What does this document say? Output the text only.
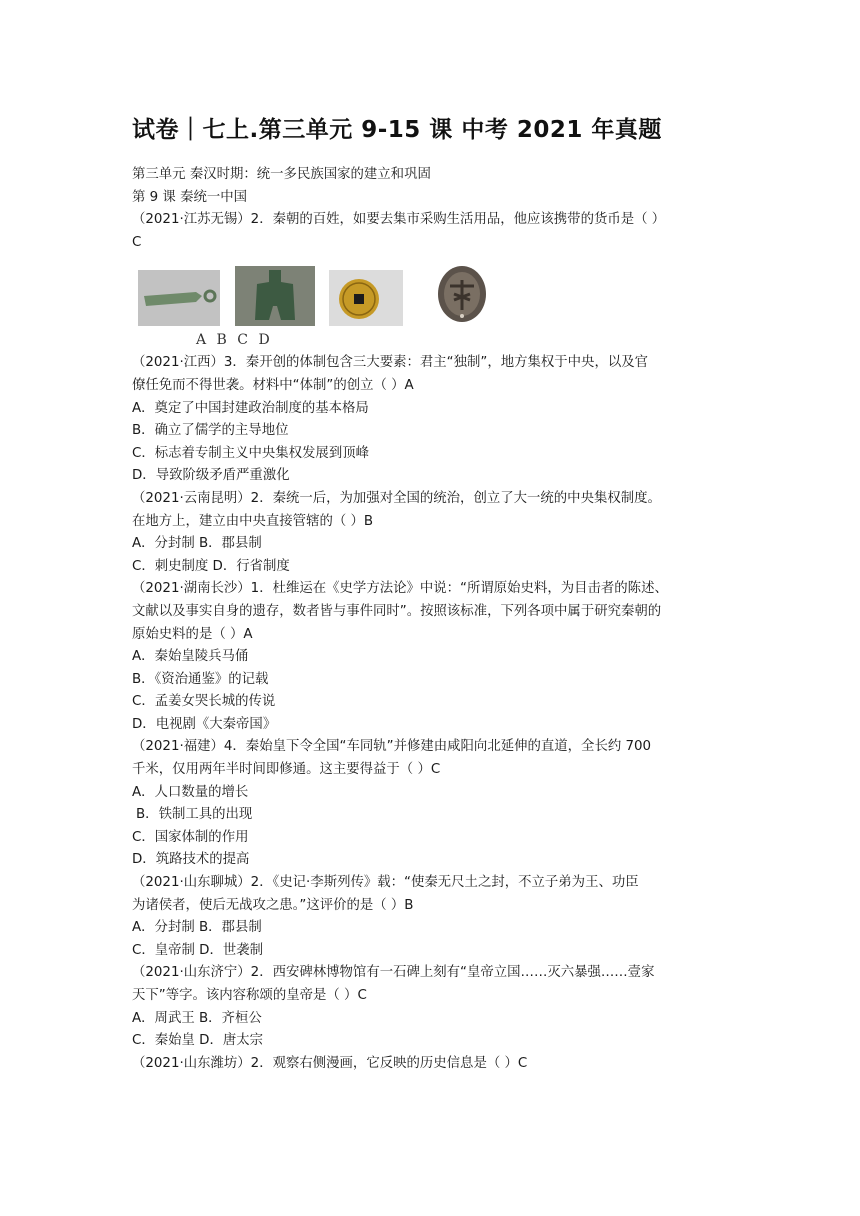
试卷｜七上.第三单元 9-15 课 中考 2021 年真题
第三单元 秦汉时期：统一多民族国家的建立和巩固
第 9 课 秦统一中国
（2021·江苏无锡）2．秦朝的百姓，如要去集市采购生活用品，他应该携带的货币是（ ）
C
A B C D
（2021·江西）3．秦开创的体制包含三大要素：君主“独制”，地方集权于中央，以及官
僚任免而不得世袭。材料中“体制”的创立（ ）A
A．奠定了中国封建政治制度的基本格局
B．确立了儒学的主导地位
C．标志着专制主义中央集权发展到顶峰
D．导致阶级矛盾严重激化
（2021·云南昆明）2．秦统一后，为加强对全国的统治，创立了大一统的中央集权制度。
在地方上，建立由中央直接管辖的（ ）B
A．分封制 B．郡县制
C．刺史制度 D．行省制度
（2021·湖南长沙）1．杜维运在《史学方法论》中说：“所谓原始史料，为目击者的陈述、
文献以及事实自身的遗存，数者皆与事件同时”。按照该标准，下列各项中属于研究秦朝的
原始史料的是（ ）A
A．秦始皇陵兵马俑
B．《资治通鉴》的记载
C．孟姜女哭长城的传说
D．电视剧《大秦帝国》
（2021·福建）4．秦始皇下令全国“车同轨”并修建由咸阳向北延伸的直道，全长约 700
千米，仅用两年半时间即修通。这主要得益于（ ）C
A．人口数量的增长
B．铁制工具的出现
C．国家体制的作用
D．筑路技术的提高
（2021·山东聊城）2．《史记·李斯列传》载：“使秦无尺土之封，不立子弟为王、功臣
为诸侯者，使后无战攻之患。”这评价的是（ ）B
A．分封制 B．郡县制
C．皇帝制 D．世袭制
（2021·山东济宁）2．西安碑林博物馆有一石碑上刻有“皇帝立国……灭六暴强……壹家
天下”等字。该内容称颂的皇帝是（ ）C
A．周武王 B．齐桓公
C．秦始皇 D．唐太宗
（2021·山东潍坊）2．观察右侧漫画，它反映的历史信息是（ ）C
